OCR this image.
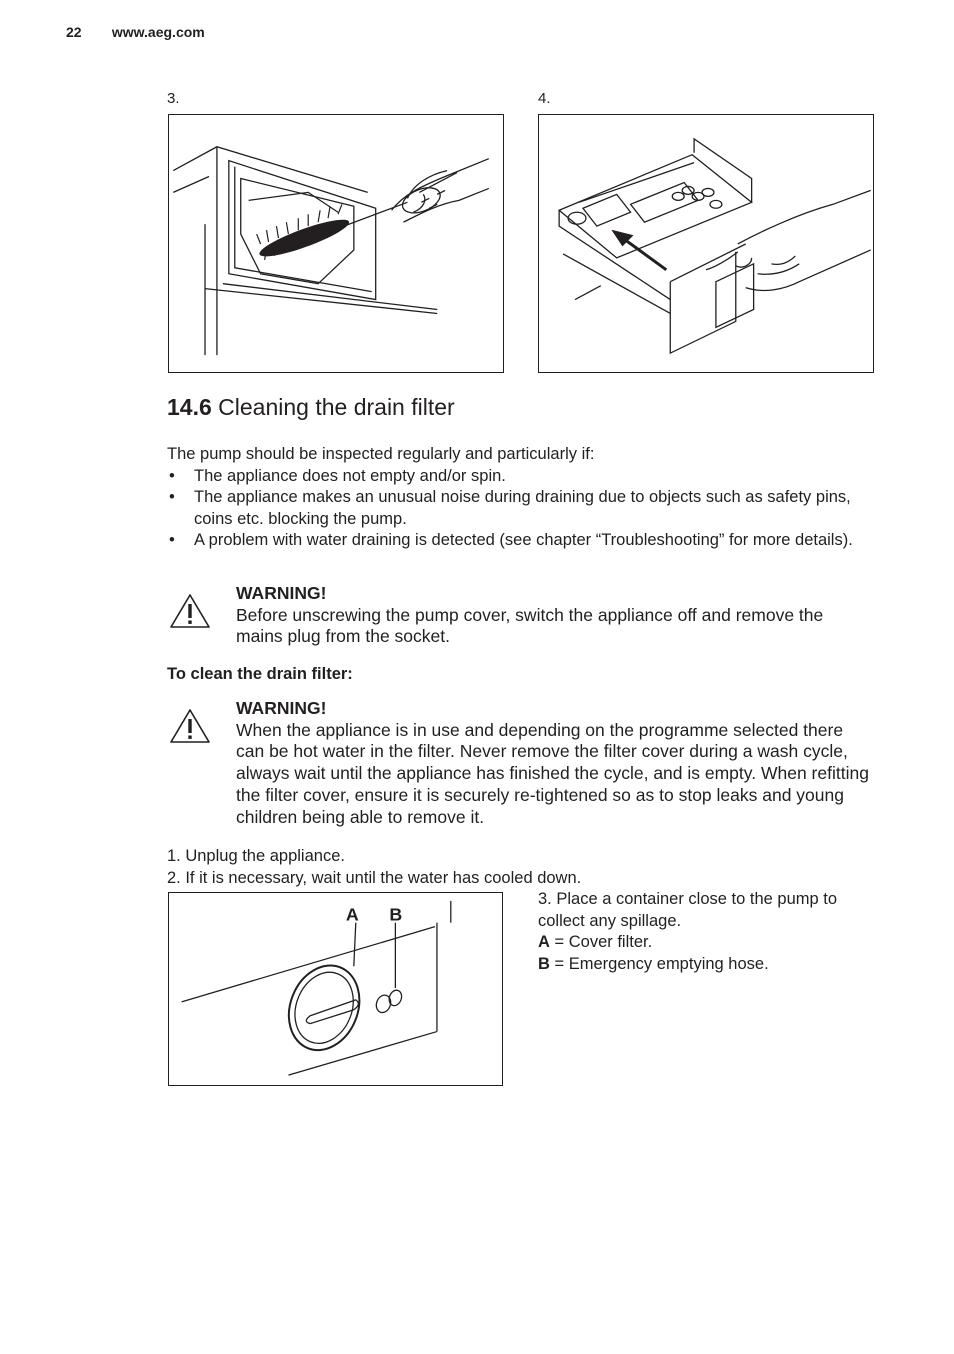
22 www.aeg.com
3.	4.
14.6 Cleaning the drain filter

The pump should be inspected regularly and particularly if:

• The appliance does not empty and/or spin.
• The appliance makes an unusual noise during draining due to objects such as safety pins, coins etc. blocking the pump.
• A problem with water draining is detected (see chapter “Troubleshooting” for more details).
WARNING!
Before unscrewing the pump cover, switch the appliance off and remove the mains plug from the socket.
To clean the drain filter:
WARNING!
When the appliance is in use and depending on the programme selected there can be hot water in the filter. Never remove the filter cover during a wash cycle, always wait until the appliance has finished the cycle, and is empty. When refitting the filter cover, ensure it is securely re-tightened so as to stop leaks and young children being able to remove it.
1. Unplug the appliance.
2. If it is necessary, wait until the water has cooled down.
A B
3. Place a container close to the pump to collect any spillage.
A = Cover filter.
B = Emergency emptying hose.
